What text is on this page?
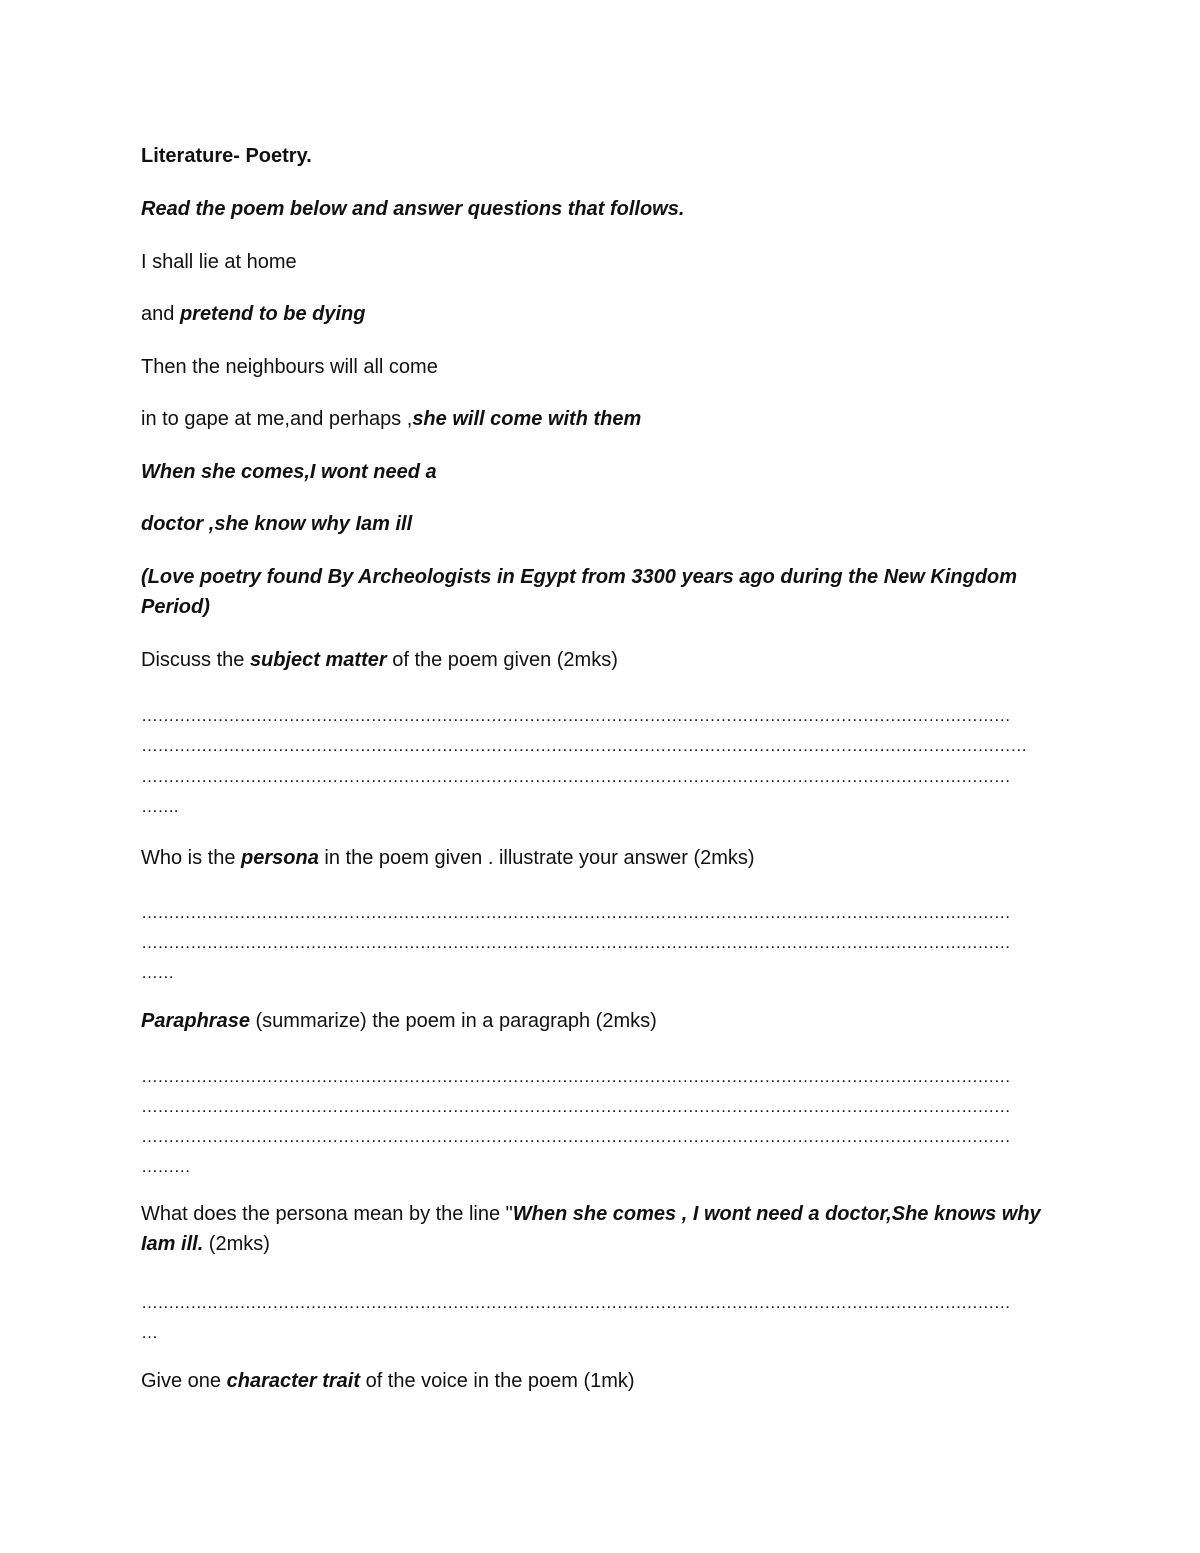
Literature- Poetry.
Read the poem below and answer questions that follows.
I shall lie at home
and pretend to be dying
Then the neighbours will all come
in to gape at me,and perhaps ,she will come with them
When she comes,I wont need a
doctor ,she know why Iam ill
(Love poetry found By Archeologists in Egypt from 3300 years ago during the New Kingdom Period)
Discuss the subject matter of the poem given (2mks)
……………………………………………………………………………………………………………………………………………
………………………………………………………………………………………………………………………………………………
……………………………………………………………………………………………………………………………………………
…….
Who is the persona in the poem given . illustrate your answer (2mks)
……………………………………………………………………………………………………………………………………………
……………………………………………………………………………………………………………………………………………
……
Paraphrase (summarize) the poem in a paragraph (2mks)
……………………………………………………………………………………………………………………………………………
……………………………………………………………………………………………………………………………………………
……………………………………………………………………………………………………………………………………………
………
What does the persona mean by the line "When she comes , I wont need a doctor,She knows why Iam ill. (2mks)
……………………………………………………………………………………………………………………………………………
…
Give one character trait of the voice in the poem (1mk)
